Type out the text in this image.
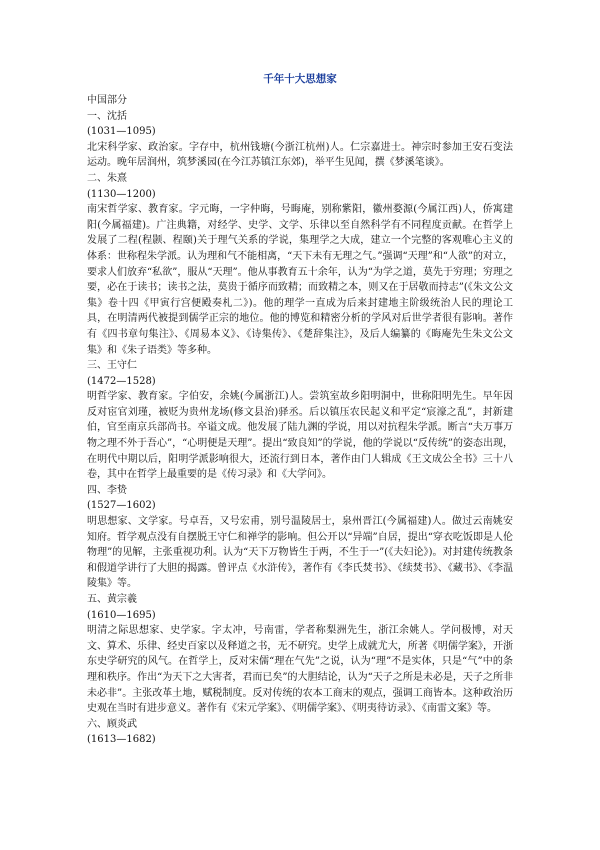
千年十大思想家

中国部分

一、沈括

(1031—1095)

北宋科学家、政治家。字存中，杭州钱塘(今浙江杭州)人。仁宗嘉进士。神宗时参加王安石变法运动。晚年居润州，筑梦溪园(在今江苏镇江东郊)，举平生见闻，撰《梦溪笔谈》。

二、朱熹

(1130—1200)

南宋哲学家、教育家。字元晦，一字仲晦，号晦庵，别称紫阳，徽州婺源(今属江西)人，侨寓建阳(今属福建)。广注典籍，对经学、史学、文学、乐律以至自然科学有不同程度贡献。在哲学上发展了二程(程颢、程颐)关于理气关系的学说，集理学之大成，建立一个完整的客观唯心主义的体系：世称程朱学派。认为理和气不能相离，“天下未有无理之气。”强调“天理”和“人欲”的对立，要求人们放弃“私欲”，服从“天理”。他从事教育五十余年，认为“为学之道，莫先于穷理；穷理之要，必在于读书；读书之法，莫贵于循序而致精；而致精之本，则又在于居敬而持志”(《朱文公文集》卷十四《甲寅行宫便殿奏札二》)。他的理学一直成为后来封建地主阶级统治人民的理论工具，在明清两代被提到儒学正宗的地位。他的博览和精密分析的学风对后世学者很有影响。著作有《四书章句集注》、《周易本义》、《诗集传》、《楚辞集注》，及后人编纂的《晦庵先生朱文公文集》和《朱子语类》等多种。

三、王守仁

(1472—1528)

明哲学家、教育家。字伯安，余姚(今属浙江)人。尝筑室故乡阳明洞中，世称阳明先生。早年因反对宦官刘瑾，被贬为贵州龙场(修文县治)驿丞。后以镇压农民起义和平定“宸濠之乱”，封新建伯，官至南京兵部尚书。卒谥文成。他发展了陆九渊的学说，用以对抗程朱学派。断言“夫万事万物之理不外于吾心”，“心明便是天理”。提出“致良知”的学说，他的学说以“反传统”的姿态出现，在明代中期以后，阳明学派影响很大，还流行到日本，著作由门人辑成《王文成公全书》三十八卷，其中在哲学上最重要的是《传习录》和《大学问》。

四、李贽

(1527—1602)

明思想家、文学家。号卓吾，又号宏甫，别号温陵居士，泉州晋江(今属福建)人。做过云南姚安知府。哲学观点没有自摆脱王守仁和禅学的影响。但公开以“异端”自居，提出“穿衣吃饭即是人伦物理”的见解，主张重视功利。认为“天下万物皆生于两，不生于一”(《夫妇论》)。对封建传统教条和假道学讲行了大胆的揭露。曾评点《水浒传》，著作有《李氏焚书》、《续焚书》、《藏书》、《李温陵集》等。

五、黄宗羲

(1610—1695)

明清之际思想家、史学家。字太冲，号南雷，学者称梨洲先生，浙江余姚人。学问极博，对天文、算术、乐律、经史百家以及释道之书，无不研究。史学上成就尤大，所著《明儒学案》，开浙东史学研究的风气。在哲学上，反对宋儒“理在气先”之说，认为“理”不是实体，只是“气”中的条理和秩序。作出“为天下之大害者，君而已矣”的大胆结论，认为“天子之所是未必是，天子之所非未必非”。主张改革土地，赋税制度。反对传统的农本工商末的观点，强调工商皆本。这种政治历史观在当时有进步意义。著作有《宋元学案》、《明儒学案》、《明夷待访录》、《南雷文案》等。

六、顾炎武

(1613—1682)
